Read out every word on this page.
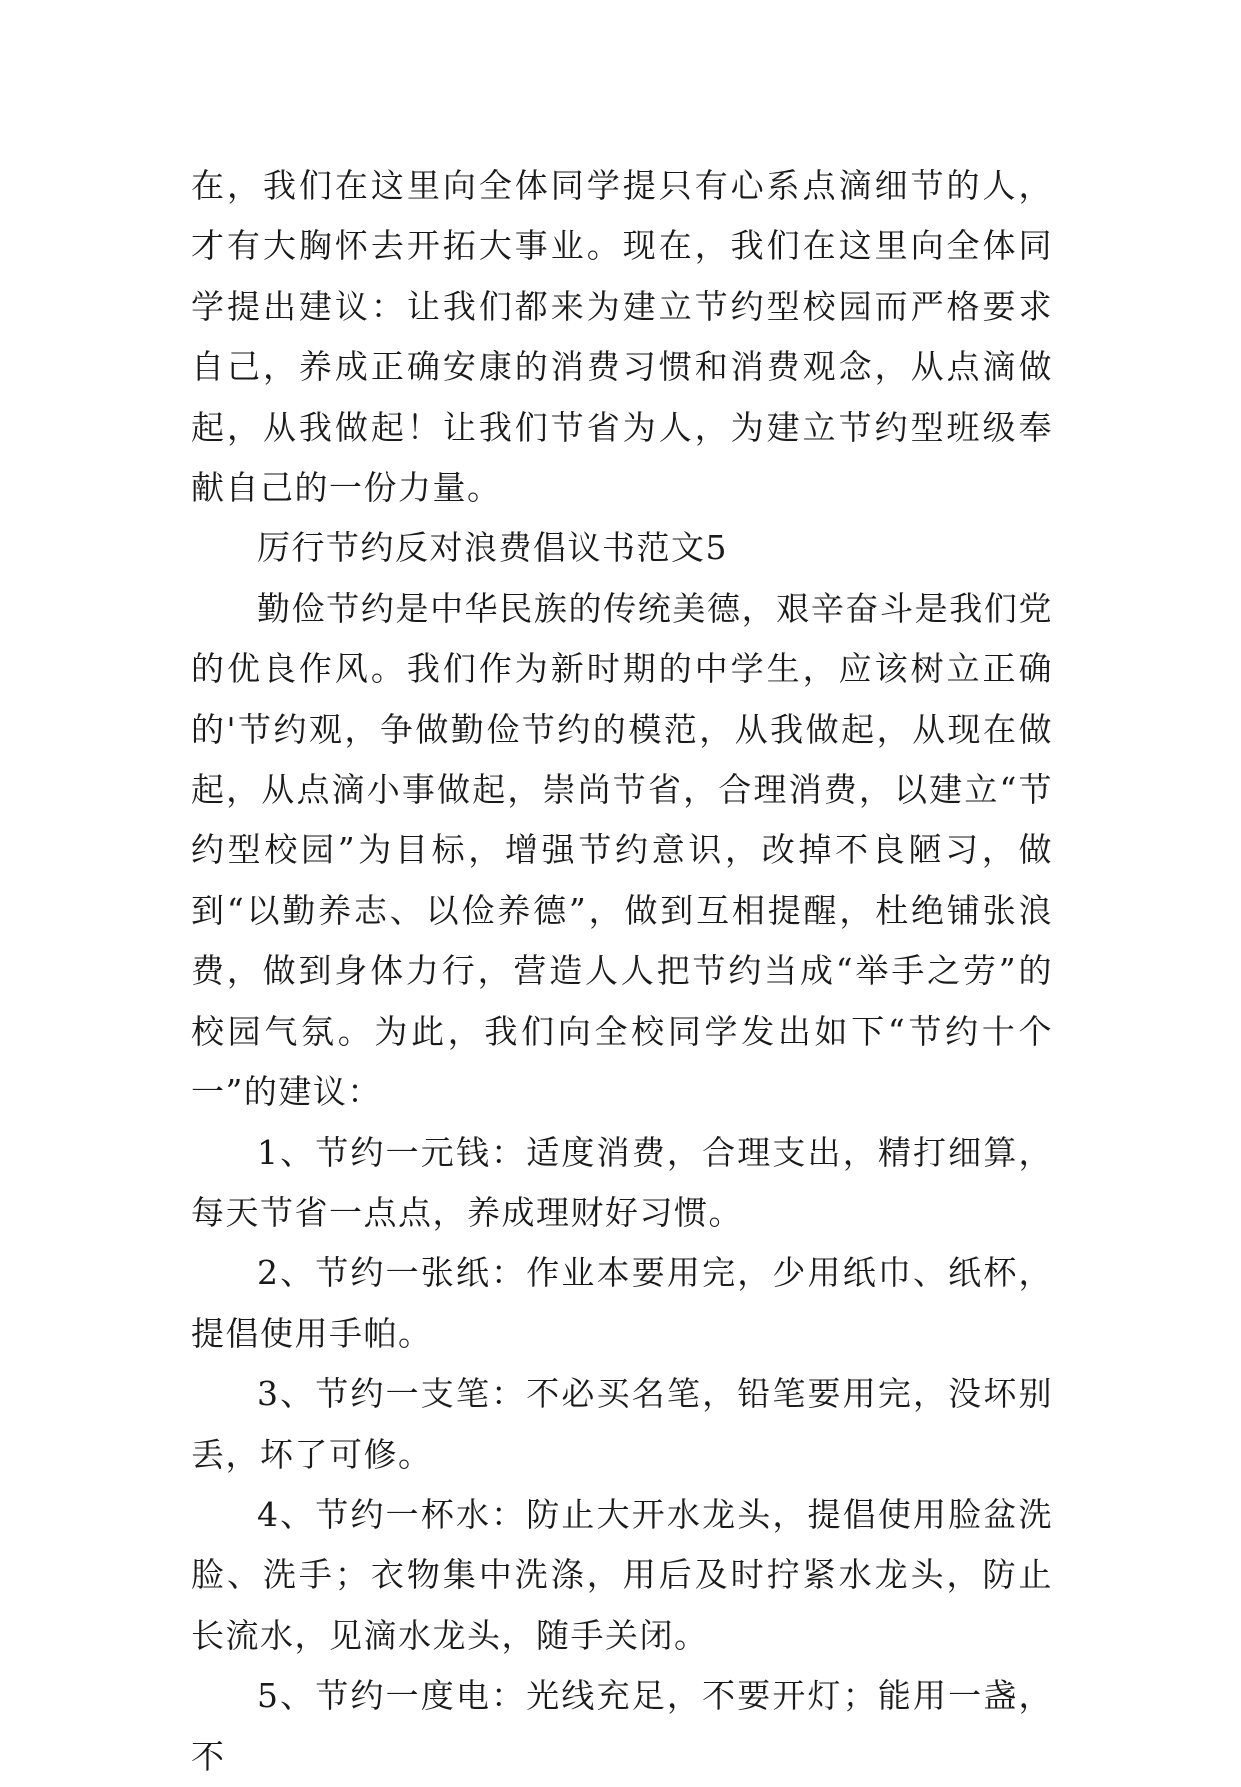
在，我们在这里向全体同学提只有心系点滴细节的人，才有大胸怀去开拓大事业。现在，我们在这里向全体同学提出建议：让我们都来为建立节约型校园而严格要求自己，养成正确安康的消费习惯和消费观念，从点滴做起，从我做起！让我们节省为人，为建立节约型班级奉献自己的一份力量。

厉行节约反对浪费倡议书范文5

勤俭节约是中华民族的传统美德，艰辛奋斗是我们党的优良作风。我们作为新时期的中学生，应该树立正确的'节约观，争做勤俭节约的模范，从我做起，从现在做起，从点滴小事做起，崇尚节省，合理消费，以建立“节约型校园”为目标，增强节约意识，改掉不良陋习，做到“以勤养志、以俭养德”，做到互相提醒，杜绝铺张浪费，做到身体力行，营造人人把节约当成“举手之劳”的校园气氛。为此，我们向全校同学发出如下“节约十个一”的建议：

1、节约一元钱：适度消费，合理支出，精打细算，每天节省一点点，养成理财好习惯。

2、节约一张纸：作业本要用完，少用纸巾、纸杯，提倡使用手帕。

3、节约一支笔：不必买名笔，铅笔要用完，没坏别丢，坏了可修。

4、节约一杯水：防止大开水龙头，提倡使用脸盆洗脸、洗手；衣物集中洗涤，用后及时拧紧水龙头，防止长流水，见滴水龙头，随手关闭。

5、节约一度电：光线充足，不要开灯；能用一盏，不
